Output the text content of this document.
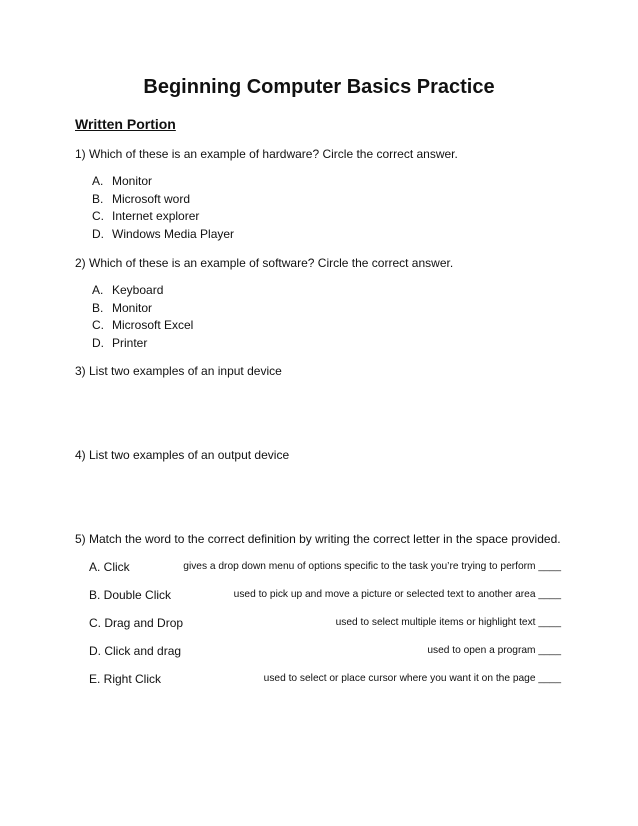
Beginning Computer Basics Practice
Written Portion

1) Which of these is an example of hardware? Circle the correct answer.

A. Monitor
B. Microsoft word
C. Internet explorer
D. Windows Media Player

2) Which of these is an example of software? Circle the correct answer.

A. Keyboard
B. Monitor
C. Microsoft Excel
D. Printer

3) List two examples of an input device

4) List two examples of an output device

5) Match the word to the correct definition by writing the correct letter in the space provided.

A. Click	gives a drop down menu of options specific to the task you’re trying to perform ____
B. Double Click	used to pick up and move a picture or selected text to another area ____
C. Drag and Drop	used to select multiple items or highlight text ____
D. Click and drag	used to open a program ____
E. Right Click	used to select or place cursor where you want it on the page ____
